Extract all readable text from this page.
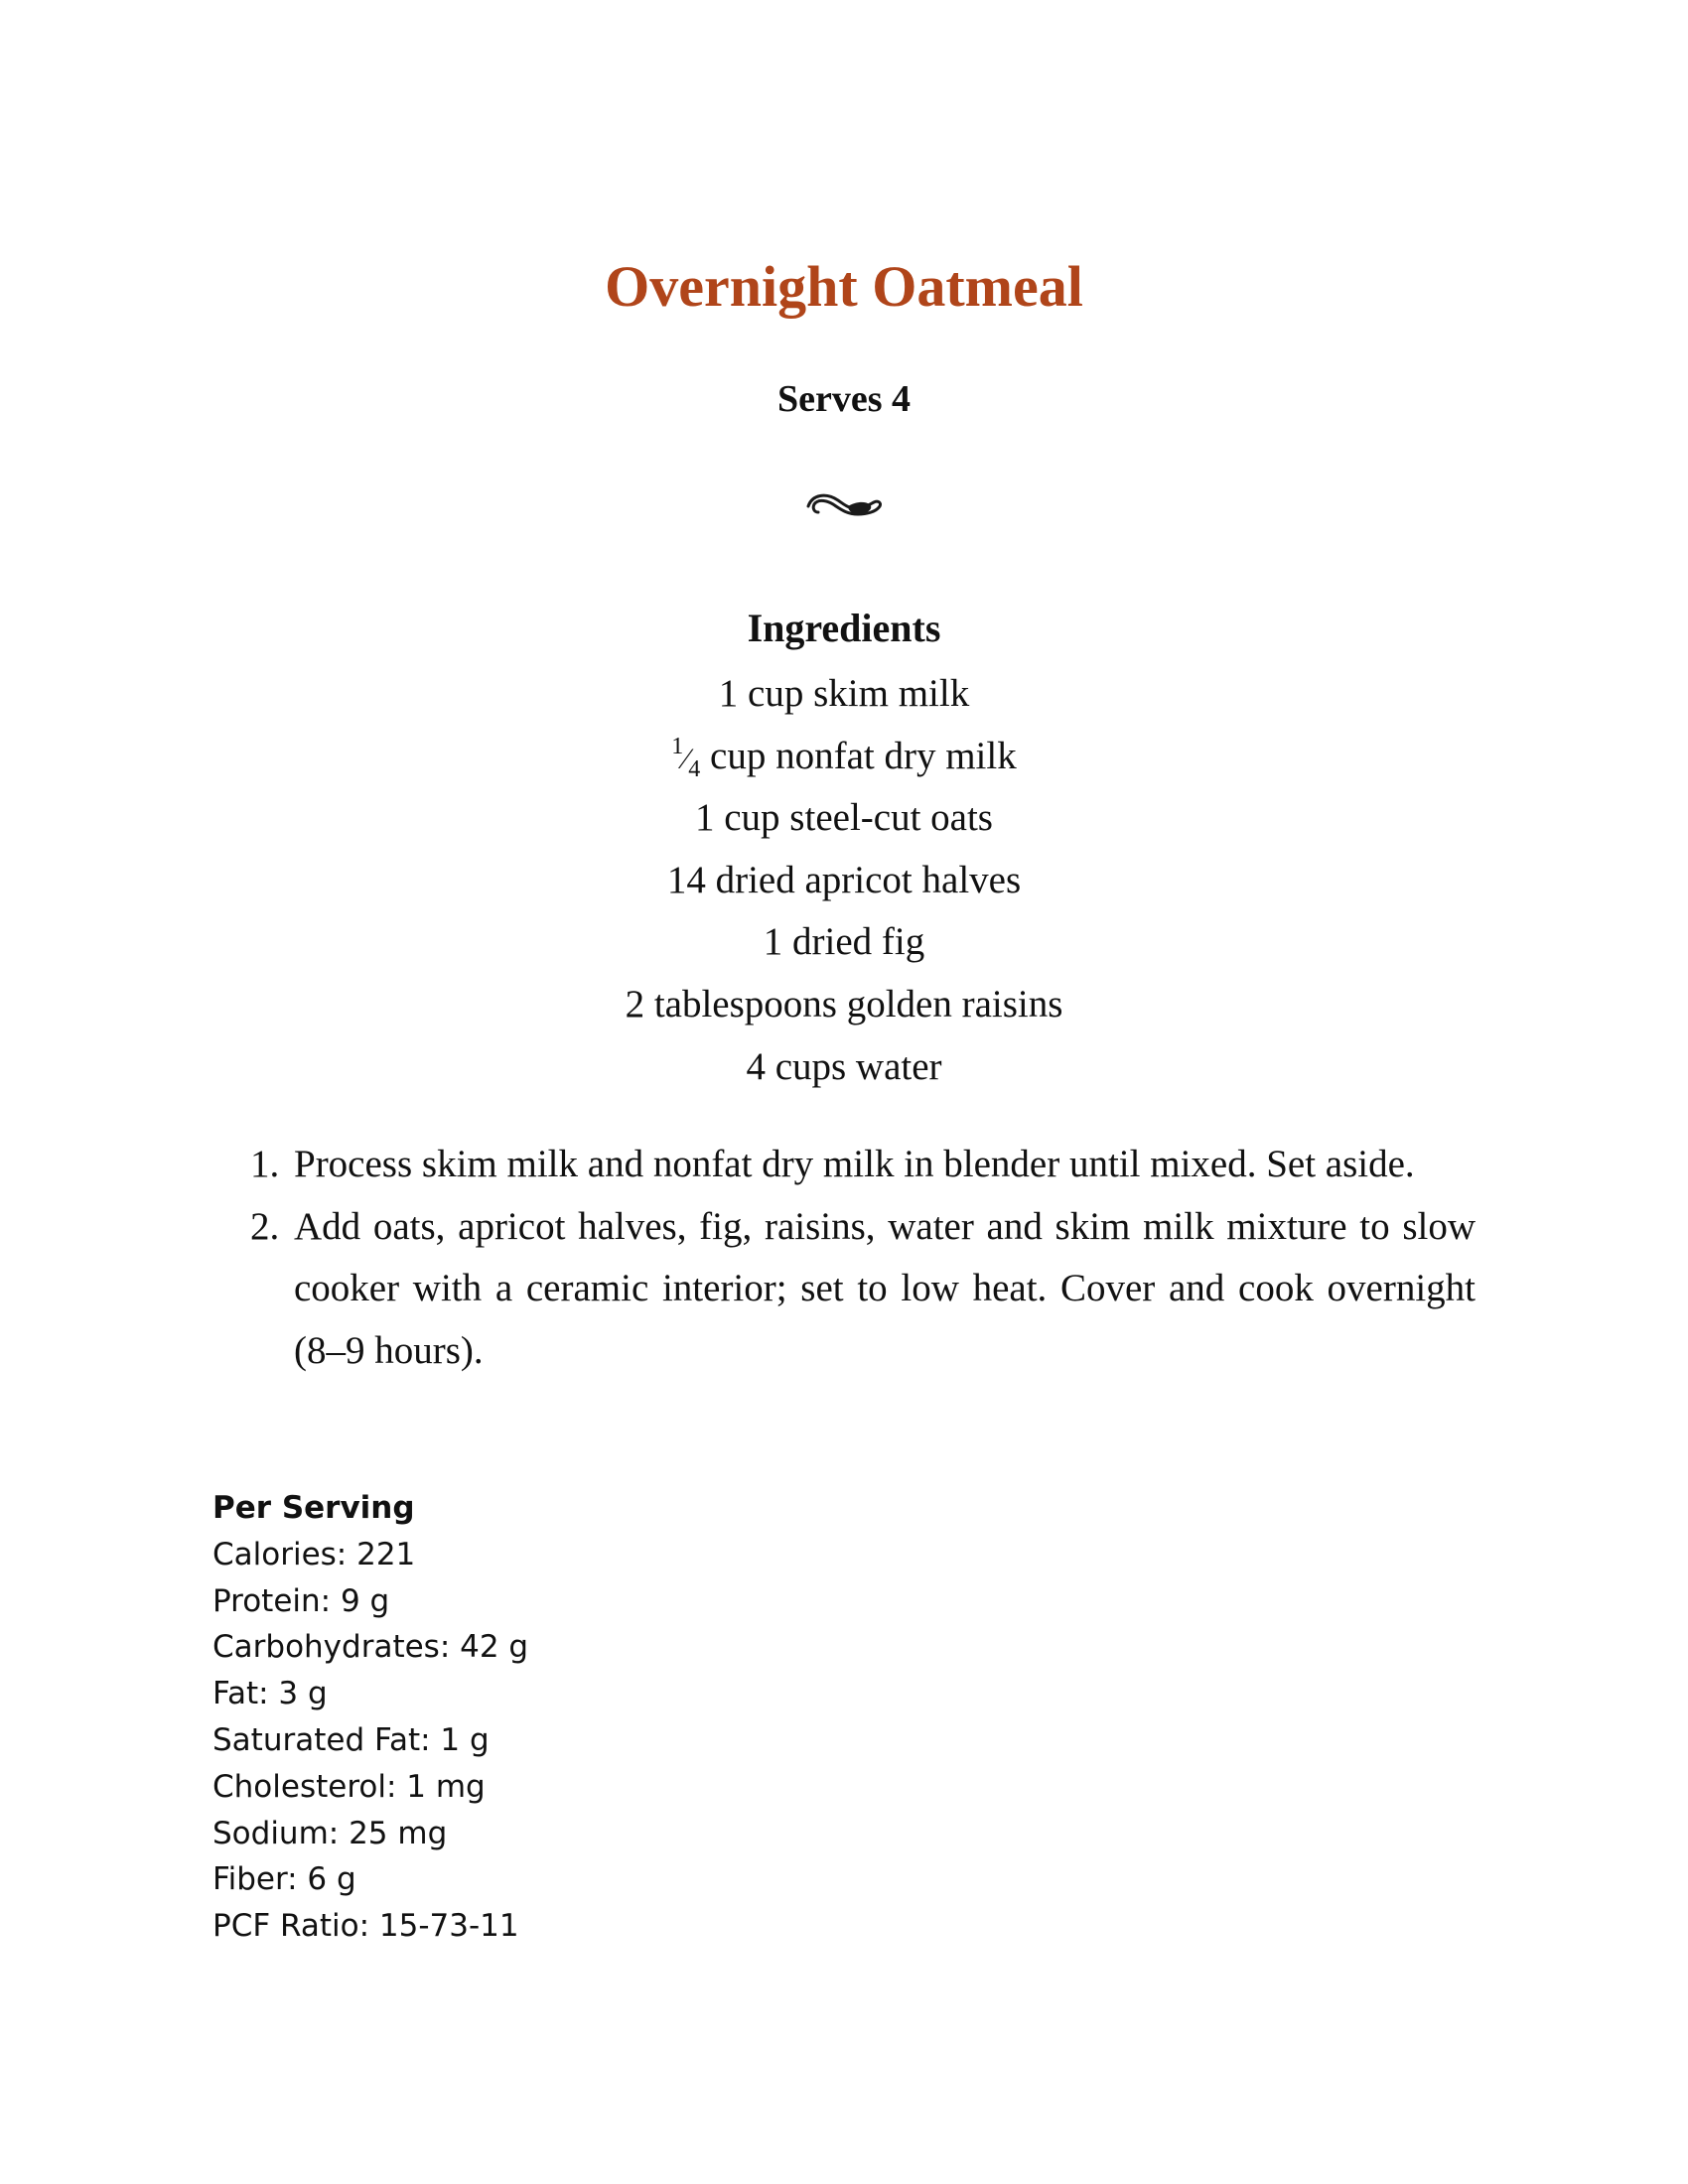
Overnight Oatmeal
Serves 4
Ingredients
1 cup skim milk
$^1⁄_4$ cup nonfat dry milk
1 cup steel-cut oats
14 dried apricot halves
1 dried fig
2 tablespoons golden raisins
4 cups water
1. Process skim milk and nonfat dry milk in blender until mixed. Set aside.
2. Add oats, apricot halves, fig, raisins, water and skim milk mixture to slow cooker with a ceramic interior; set to low heat. Cover and cook overnight (8–9 hours).
Per Serving
Calories: 221
Protein: 9 g
Carbohydrates: 42 g
Fat: 3 g
Saturated Fat: 1 g
Cholesterol: 1 mg
Sodium: 25 mg
Fiber: 6 g
PCF Ratio: 15-73-11
